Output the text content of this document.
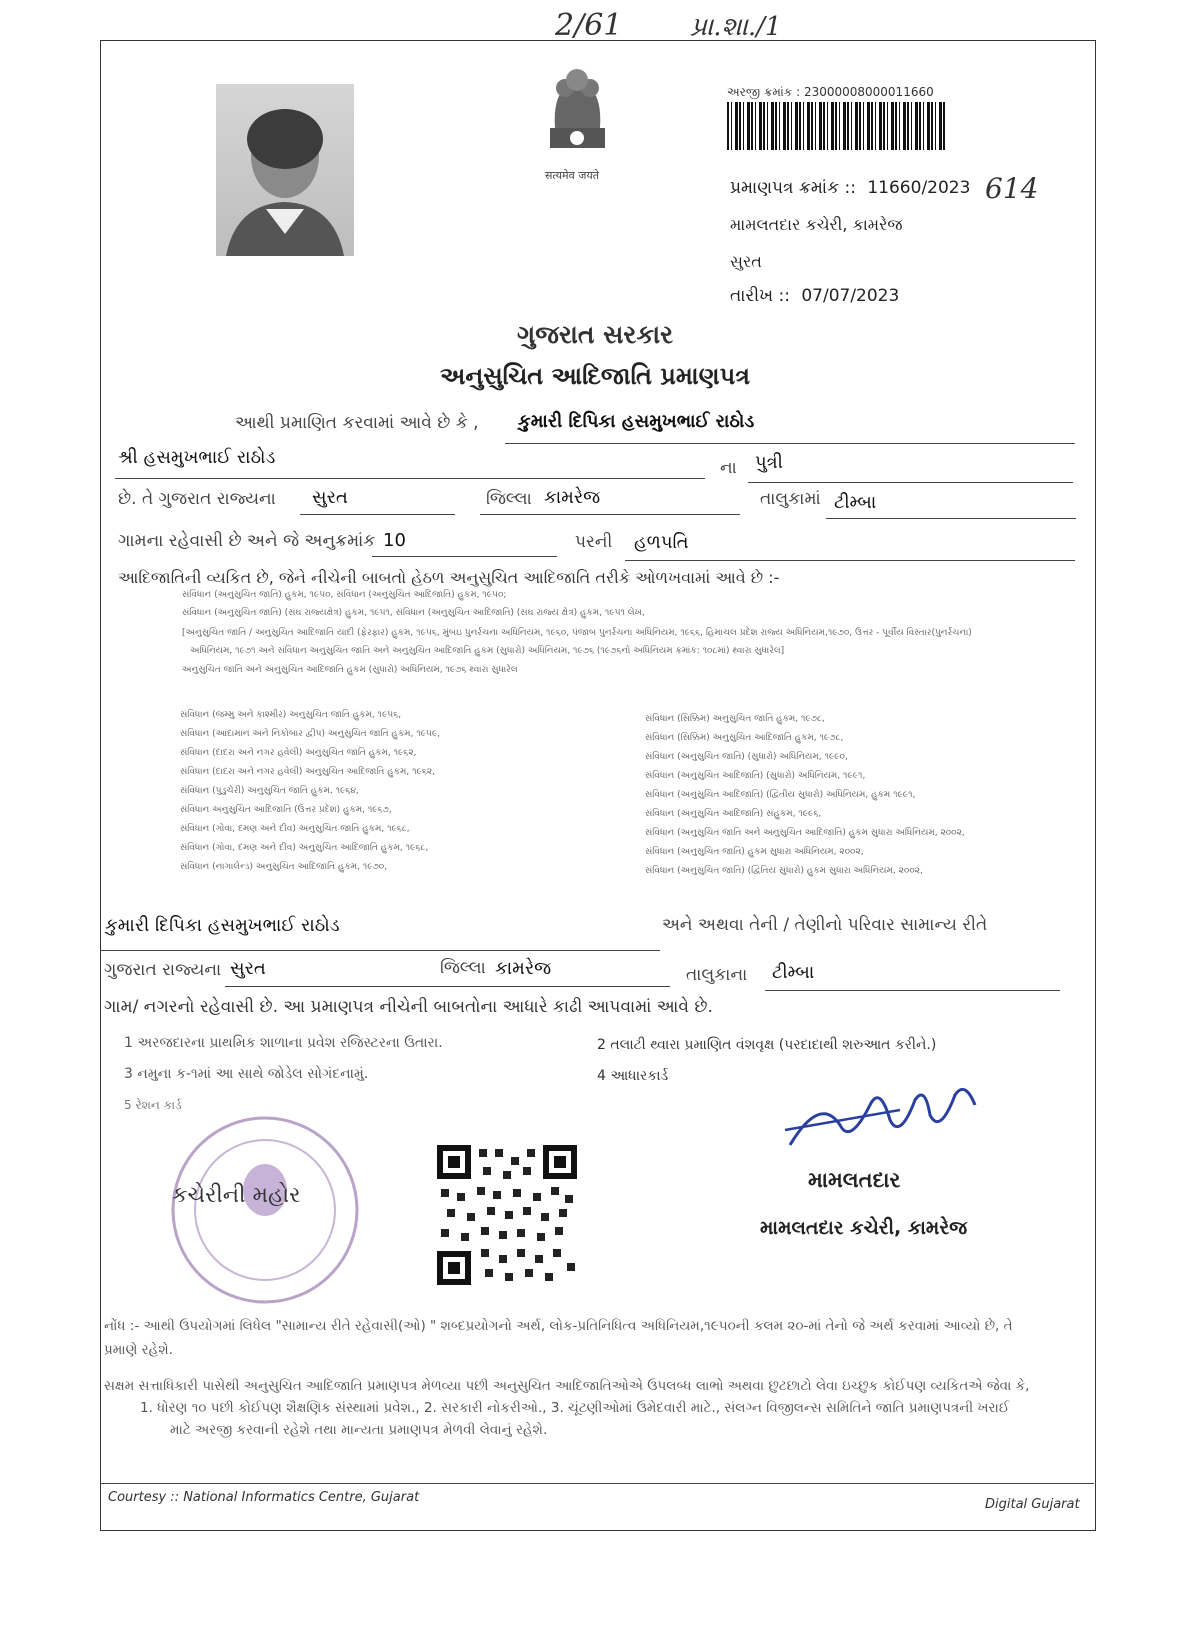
2/61	પ્રા.શા./1
सत्यमेव जयते
અરજી ક્રમાંક : 23000008000011660
પ્રમાણપત્ર ક્રમાંક :: 11660/2023 614
મામલતદાર કચેરી, કામરેજ
સુરત
તારીખ :: 07/07/2023
ગુજરાત સરકાર
અનુસુચિત આદિજાતિ પ્રમાણપત્ર
આથી પ્રમાણિત કરવામાં આવે છે કે , કુમારી દિપિકા હસમુખભાઈ રાઠોડ
શ્રી હસમુખભાઈ રાઠોડ	ના પુત્રી
છે. તે ગુજરાત રાજ્યના સુરત	જિલ્લા કામરેજ	તાલુકામાં ટીમ્બા
ગામના રહેવાસી છે અને જે અનુક્રમાંક 10	પરની હળપતિ
આદિજાતિની વ્યકિત છે, જેને નીચેની બાબતો હેઠળ અનુસુચિત આદિજાતિ તરીકે ઓળખવામાં આવે છે :-
સંવિધાન (અનુસુચિત જાતિ) હુકમ, ૧૯૫૦, સંવિધાન (અનુસુચિત આદિજાતિ) હુકમ, ૧૯૫૦;
સંવિધાન (અનુસુચિત જાતિ) (સંઘ રાજ્યક્ષેત્ર) હુકમ, ૧૯૫૧, સંવિધાન (અનુસુચિત આદિજાતિ) (સંઘ રાજ્ય ક્ષેત્ર) હુકમ, ૧૯૫૧ લેખ,
[અનુસુચિત જાતિ / અનુસુચિત આદિજાતિ યાદી (ફેરફાર) હુકમ, ૧૯૫૬, મુંબઇ પુનર્રચના અધિનિયમ, ૧૯૬૦, પંજાબ પુનર્રચના અધિનિયમ, ૧૯૬૬, હિમાચલ પ્રદેશ રાજ્ય અધિનિયમ,૧૯૭૦, ઉત્તર - પૂર્વીય વિસ્તાર(પુનર્રચના)
અધિનિયમ, ૧૯૭૧ અને સંવિધાન અનુસુચિત જાતિ અને અનુસુચિત આદિજાતિ હુકમ (સુધારો) અધિનિયમ, ૧૯૭૬ (૧૯૭૬નો અધિનિયમ ક્રમાંક: ૧૦૮માં) થ્વારા સુધારેલ]
અનુસુચિત જાતિ અને અનુસુચિત આદિજાતિ હુકમ (સુધારો) અધિનિયમ, ૧૯૭૬ થ્વારા સુધારેલ
સંવિધાન (જમ્મુ અને કાશ્મીર) અનુસુચિત જાતિ હુકમ, ૧૯૫૬,
સંવિધાન (આંદામાન અને નિકોબાર દ્વીપ) અનુસુચિત જાતિ હુકમ, ૧૯૫૯,
સંવિધાન (દાદરા અને નગર હવેલી) અનુસુચિત જાતિ હુકમ, ૧૯૬૨,
સંવિધાન (દાદરા અને નગર હવેલી) અનુસુચિત આદિજાતિ હુકમ, ૧૯૬૨,
સંવિધાન (પુડુચેરી) અનુસુચિત જાતિ હુકમ, ૧૯૬૪,
સંવિધાન અનુસુચિત આદિજાતિ (ઉત્તર પ્રદેશ) હુકમ, ૧૯૬૭,
સંવિધાન (ગોવા, દમણ અને દીવ) અનુસુચિત જાતિ હુકમ, ૧૯૬૮,
સંવિધાન (ગોવા, દમણ અને દીવ) અનુસુચિત આદિજાતિ હુકમ, ૧૯૬૮,
સંવિધાન (નાગાલેન્ડ) અનુસુચિત આદિજાતિ હુકમ, ૧૯૭૦,
સંવિધાન (સિક્કિમ) અનુસુચિત જાતિ હુકમ, ૧૯૭૮,
સંવિધાન (સિક્કિમ) અનુસુચિત આદિજાતિ હુકમ, ૧૯૭૮,
સંવિધાન (અનુસુચિત જાતિ) (સુધારો) અધિનિયમ, ૧૯૯૦,
સંવિધાન (અનુસુચિત આદિજાતિ) (સુધારો) અધિનિયમ, ૧૯૯૧,
સંવિધાન (અનુસુચિત આદિજાતિ) (દ્વિતીય સુધારો) અધિનિયમ, હુકમ ૧૯૯૧,
સંવિધાન (અનુસુચિત આદિજાતિ) સંહુકમ, ૧૯૯૬,
સંવિધાન (અનુસુચિત જાતિ અને અનુસુચિત આદિજાતિ) હુકમ સુધારા અધિનિયમ, ૨૦૦૨,
સંવિધાન (અનુસુચિત જાતિ) હુકમ સુધારા અધિનિયમ, ૨૦૦૨,
સંવિધાન (અનુસુચિત જાતિ) (દ્વિતિય સુધારો) હુકમ સુધારા અધિનિયમ, ૨૦૦૨,
કુમારી દિપિકા હસમુખભાઈ રાઠોડ	અને અથવા તેની / તેણીનો પરિવાર સામાન્ય રીતે
ગુજરાત રાજ્યના સુરત	જિલ્લા કામરેજ	તાલુકાના ટીમ્બા
ગામ/ નગરનો રહેવાસી છે. આ પ્રમાણપત્ર નીચેની બાબતોના આધારે કાઢી આપવામાં આવે છે.
1 અરજદારના પ્રાથમિક શાળાના પ્રવેશ રજિસ્ટરના ઉતારા.	2 તલાટી થ્વારા પ્રમાણિત વંશવૃક્ષ (પરદાદાથી શરુઆત કરીને.)
3 નમુના ક-૧માં આ સાથે જોડેલ સોગંદનામું.	4 આધારકાર્ડ
5 રેશન કાર્ડ
કચેરીની મહોર
મામલતદાર
મામલતદાર કચેરી, કામરેજ
નોંધ :- આથી ઉપયોગમાં લિધેલ "સામાન્ય રીતે રહેવાસી(ઓ) " શબ્દપ્રયોગનો અર્થ, લોક-પ્રતિનિધિત્વ અધિનિયમ,૧૯૫૦ની કલમ ૨૦-માં તેનો જે અર્થ કરવામાં આવ્યો છે, તે
પ્રમાણે રહેશે.
સક્ષમ સત્તાધિકારી પાસેથી અનુસુચિત આદિજાતિ પ્રમાણપત્ર મેળવ્યા પછી અનુસુચિત આદિજાતિઓએ ઉપલબ્ધ લાભો અથવા છુટછાટો લેવા ઇચ્છુક કોઈપણ વ્યકિતએ જેવા કે,
1. ધોરણ ૧૦ પછી કોઈપણ શૈક્ષણિક સંસ્થામાં પ્રવેશ., 2. સરકારી નોકરીઓ., 3. ચૂંટણીઓમાં ઉમેદવારી માટે., સંલગ્ન વિજીલન્સ સમિતિને જાતિ પ્રમાણપત્રની ખરાઈ
માટે અરજી કરવાની રહેશે તથા માન્યતા પ્રમાણપત્ર મેળવી લેવાનું રહેશે.
Courtesy :: National Informatics Centre, Gujarat	Digital Gujarat
